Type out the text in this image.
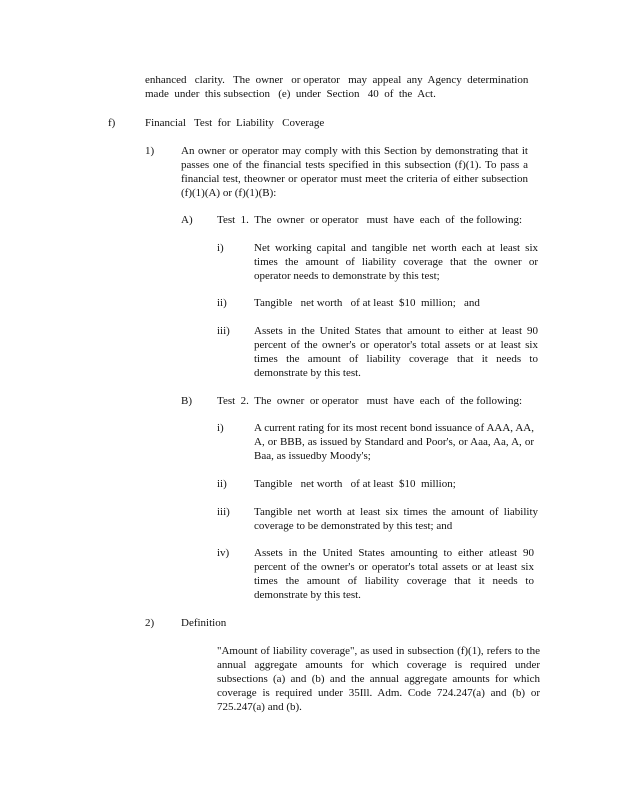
enhanced   clarity.   The  owner   or operator   may  appeal  any  Agency  determination
made  under  this subsection   (e)  under  Section   40  of  the  Act.
f)	Financial   Test  for  Liability   Coverage
1) An owner or operator may comply with this Section by demonstrating that it passes one of the financial tests specified in this subsection (f)(1). To pass a financial test, theowner or operator must meet the criteria of either subsection (f)(1)(A) or (f)(1)(B):
A) Test  1.  The  owner  or operator   must  have  each  of  the following:
i)	Net working capital and tangible net worth each at least six times the amount of liability coverage that the owner or operator needs to demonstrate by this test;
ii) Tangible   net worth   of at least  $10  million;   and
iii) Assets in the United States that amount to either at least 90 percent of the owner's or operator's total assets or at least six times the amount of liability coverage that it needs to demonstrate by this test.
B) Test  2.  The  owner  or operator   must  have  each  of  the following:
i)	A current rating for its most recent bond issuance of AAA, AA, A, or BBB, as issued by Standard and Poor's, or Aaa, Aa, A, or Baa, as issuedby Moody's;
ii) Tangible   net worth   of at least  $10  million;
iii) Tangible net worth at least six times the amount of liability coverage to be demonstrated by this test; and
iv) Assets in the United States amounting to either atleast 90 percent of the owner's or operator's total assets or at least six times the amount of liability coverage that it needs to demonstrate by this test.
2) Definition
"Amount of liability coverage", as used in subsection (f)(1), refers to the annual aggregate amounts for which coverage is required under subsections (a) and (b) and the annual aggregate amounts for which coverage is required under 35Ill. Adm. Code 724.247(a) and (b) or 725.247(a) and (b).
